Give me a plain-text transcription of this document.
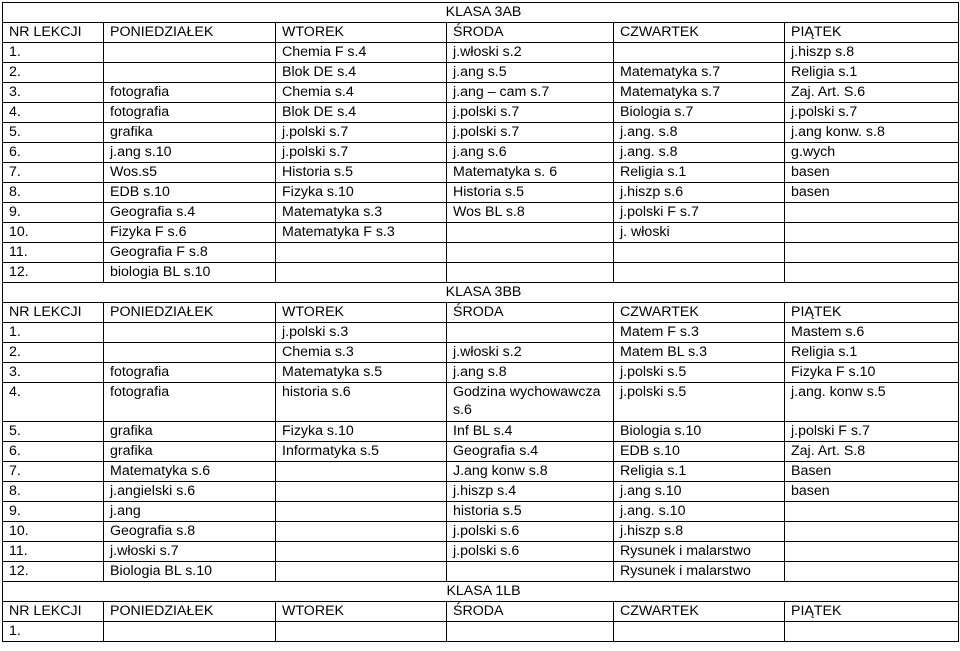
KLASA 3AB					
NR LEKCJI	PONIEDZIAŁEK	WTOREK	ŚRODA	CZWARTEK	PIĄTEK
1.		Chemia F s.4	j.włoski s.2		j.hiszp s.8
2.		Blok DE s.4	j.ang s.5	Matematyka s.7	Religia s.1
3.	fotografia	Chemia s.4	j.ang – cam s.7	Matematyka s.7	Zaj. Art. S.6
4.	fotografia	Blok DE s.4	j.polski s.7	Biologia s.7	j.polski s.7
5.	grafika	j.polski s.7	j.polski s.7	j.ang. s.8	j.ang konw. s.8
6.	j.ang s.10	j.polski s.7	j.ang s.6	j.ang. s.8	g.wych
7.	Wos.s5	Historia s.5	Matematyka s. 6	Religia s.1	basen
8.	EDB s.10	Fizyka s.10	Historia s.5	j.hiszp s.6	basen
9.	Geografia s.4	Matematyka s.3	Wos BL s.8	j.polski F s.7	
10.	Fizyka F s.6	Matematyka F s.3		j. włoski	
11.	Geografia F s.8				
12.	biologia BL s.10				
KLASA 3BB					
NR LEKCJI	PONIEDZIAŁEK	WTOREK	ŚRODA	CZWARTEK	PIĄTEK
1.		j.polski s.3		Matem F s.3	Mastem s.6
2.		Chemia s.3	j.włoski s.2	Matem BL s.3	Religia s.1
3.	fotografia	Matematyka s.5	j.ang s.8	j.polski s.5	Fizyka F s.10
4.	fotografia	historia s.6	Godzina wychowawcza s.6	j.polski s.5	j.ang. konw s.5
5.	grafika	Fizyka s.10	Inf BL s.4	Biologia s.10	j.polski F s.7
6.	grafika	Informatyka s.5	Geografia s.4	EDB s.10	Zaj. Art. S.8
7.	Matematyka s.6		J.ang konw s.8	Religia s.1	Basen
8.	j.angielski s.6		j.hiszp s.4	j.ang s.10	basen
9.	j.ang		historia s.5	j.ang. s.10	
10.	Geografia s.8		j.polski s.6	j.hiszp s.8	
11.	j.włoski s.7		j.polski s.6	Rysunek i malarstwo	
12.	Biologia BL s.10			Rysunek i malarstwo	
KLASA 1LB					
NR LEKCJI	PONIEDZIAŁEK	WTOREK	ŚRODA	CZWARTEK	PIĄTEK
1.					
